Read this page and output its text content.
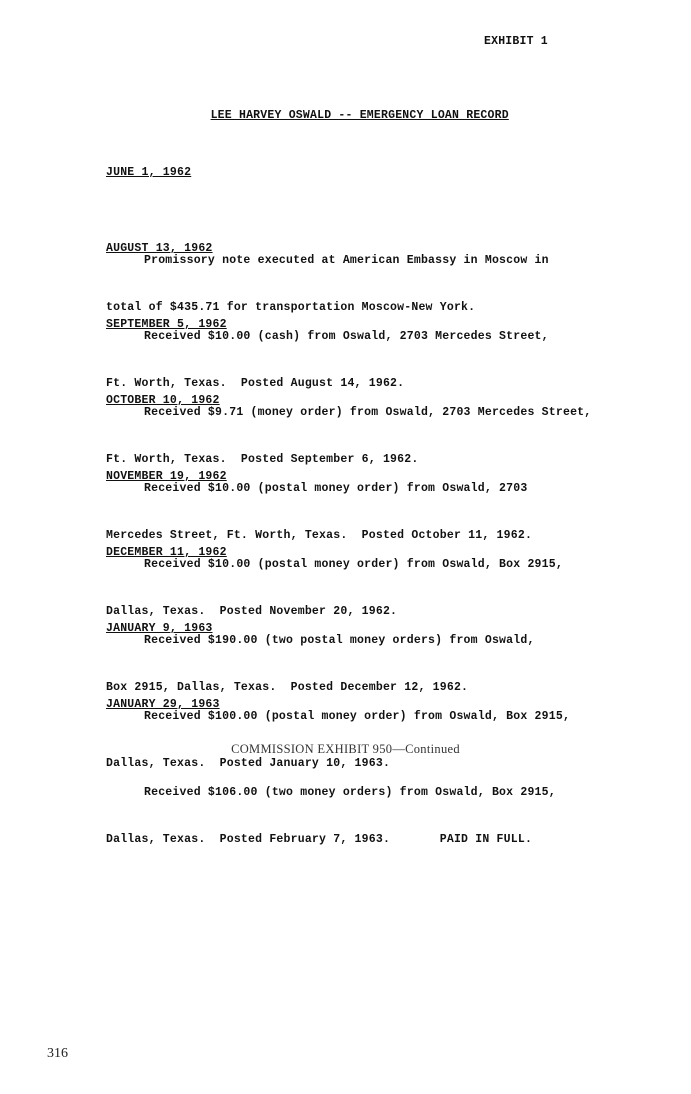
EXHIBIT 1

LEE HARVEY OSWALD -- EMERGENCY LOAN RECORD

JUNE 1, 1962

Promissory note executed at American Embassy in Moscow in

total of $435.71 for transportation Moscow-New York.

AUGUST 13, 1962

Received $10.00 (cash) from Oswald, 2703 Mercedes Street,

Ft. Worth, Texas.  Posted August 14, 1962.

SEPTEMBER 5, 1962

Received $9.71 (money order) from Oswald, 2703 Mercedes Street,

Ft. Worth, Texas.  Posted September 6, 1962.

OCTOBER 10, 1962

Received $10.00 (postal money order) from Oswald, 2703

Mercedes Street, Ft. Worth, Texas.  Posted October 11, 1962.

NOVEMBER 19, 1962

Received $10.00 (postal money order) from Oswald, Box 2915,

Dallas, Texas.  Posted November 20, 1962.

DECEMBER 11, 1962

Received $190.00 (two postal money orders) from Oswald,

Box 2915, Dallas, Texas.  Posted December 12, 1962.

JANUARY 9, 1963

Received $100.00 (postal money order) from Oswald, Box 2915,

Dallas, Texas.  Posted January 10, 1963.

JANUARY 29, 1963

Received $106.00 (two money orders) from Oswald, Box 2915,

Dallas, Texas.  Posted February 7, 1963.       PAID IN FULL.

COMMISSION EXHIBIT 950—Continued
316
